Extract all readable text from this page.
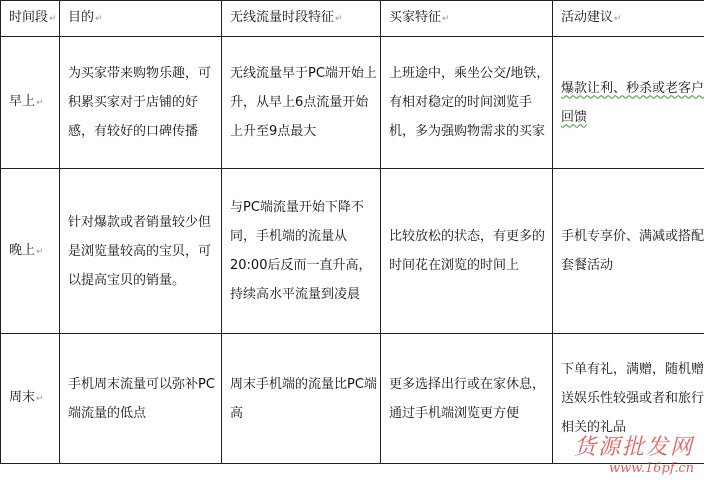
时间段↵	目的↵	无线流量时段特征↵	买家特征↵	活动建议↵
早上↵	为买家带来购物乐趣，可积累买家对于店铺的好感，有较好的口碑传播	无线流量早于PC端开始上升，从早上6点流量开始上升至9点最大	上班途中，乘坐公交/地铁，有相对稳定的时间浏览手机，多为强购物需求的买家	爆款让利、秒杀或老客户回馈

晚上↵	针对爆款或者销量较少但是浏览量较高的宝贝，可以提高宝贝的销量。	与PC端流量开始下降不同，手机端的流量从20:00后反而一直升高，持续高水平流量到凌晨	比较放松的状态，有更多的时间花在浏览的时间上	手机专享价、满减或搭配套餐活动

周末↵	手机周末流量可以弥补PC端流量的低点	周末手机端的流量比PC端高	更多选择出行或在家休息，通过手机端浏览更方便	下单有礼，满赠，随机赠送娱乐性较强或者和旅行相关的礼品
货源批发网
www.16pf.cn
